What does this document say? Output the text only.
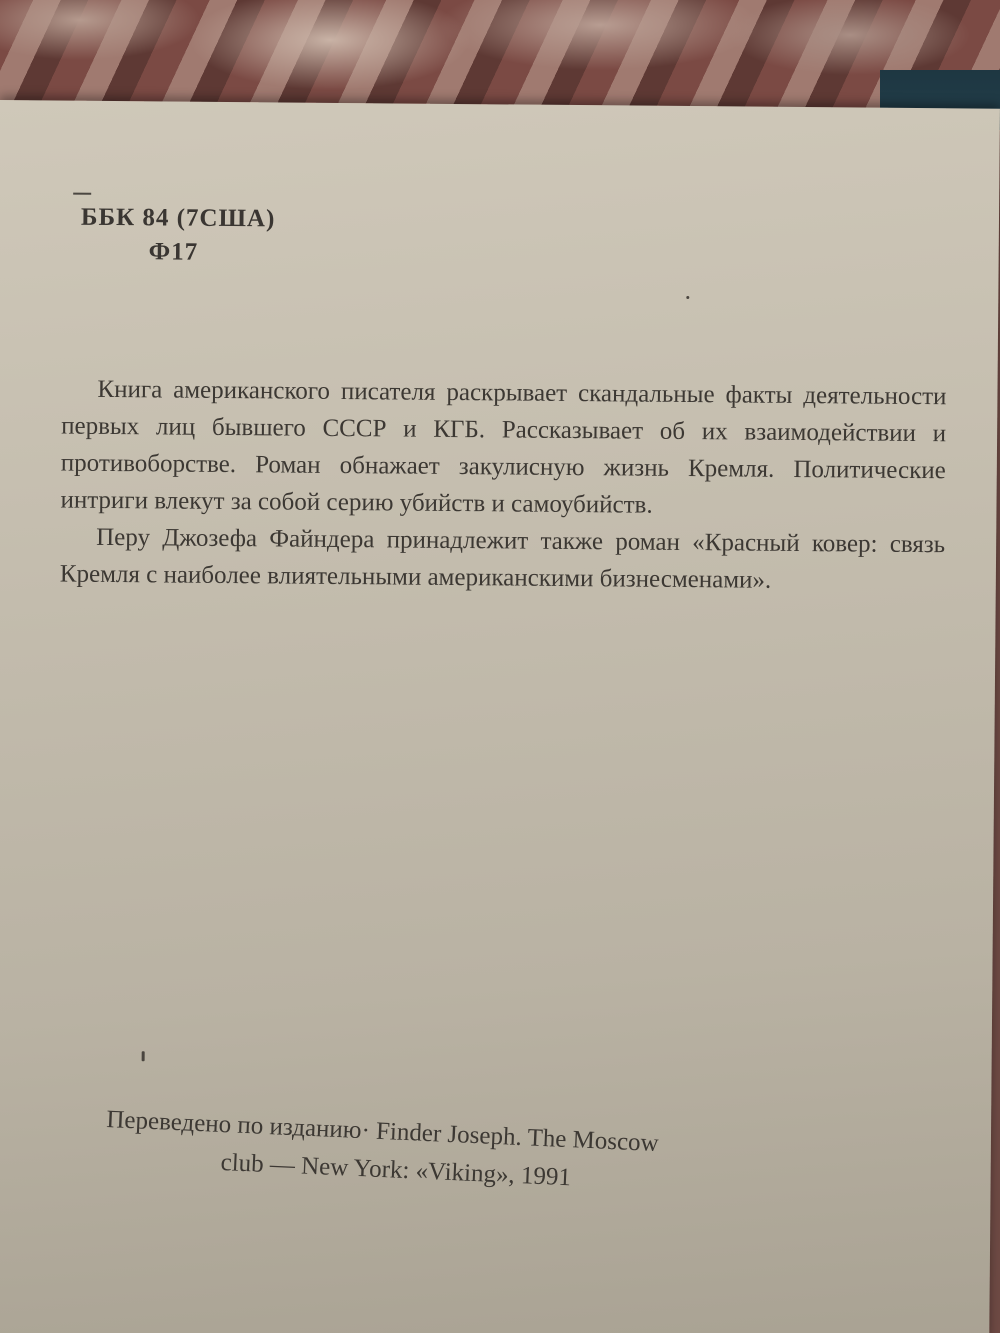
ББК 84 (7США)
Ф17

Книга американского писателя раскрывает скандальные факты деятельности первых лиц бывшего СССР и КГБ. Рассказывает об их взаимодействии и противоборстве. Роман обнажает закулисную жизнь Кремля. Политические интриги влекут за собой серию убийств и самоубийств.

Перу Джозефа Файндера принадлежит также роман «Красный ковер: связь Кремля с наиболее влиятельными американскими бизнесменами».

Переведено по изданию· Finder Joseph. The Moscow
club — New York: «Viking», 1991
